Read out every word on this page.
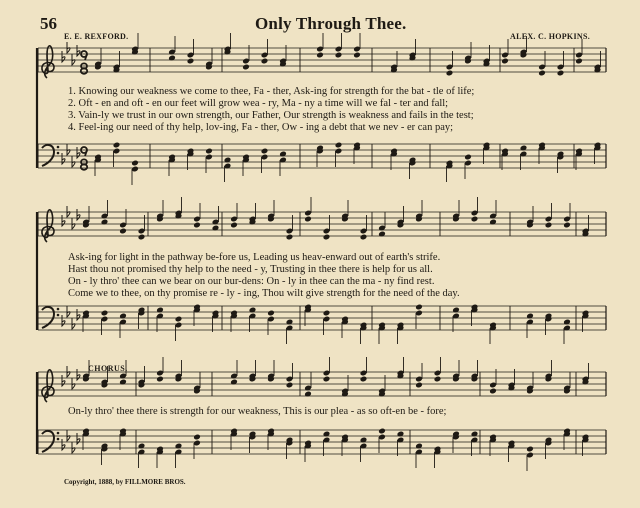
56	Only Through Thee.
E. E. REXFORD.	ALEX. C. HOPKINS.
1. Knowing our weakness we come to thee, Fa - ther, Ask-ing for strength for the bat - tle of life;
2. Oft - en and oft - en our feet will grow wea - ry, Ma - ny a time will we fal - ter and fall;
3. Vain-ly we trust in our own strength, our Father, Our strength is weakness and fails in the test;
4. Feel-ing our need of thy help, lov-ing, Fa - ther, Ow - ing a debt that we nev - er can pay;
Ask-ing for light in the pathway be-fore us, Leading us heav-enward out of earth's strife.
Hast thou not promised thy help to the need - y, Trusting in thee there is help for us all.
On - ly thro' thee can we bear on our bur-dens: On - ly in thee can the ma - ny find rest.
Come we to thee, on thy promise re - ly - ing, Thou wilt give strength for the need of the day.
CHORUS.
On-ly thro' thee there is strength for our weakness, This is our plea - as so oft-en be - fore;
Copyright, 1888, by FILLMORE BROS.
